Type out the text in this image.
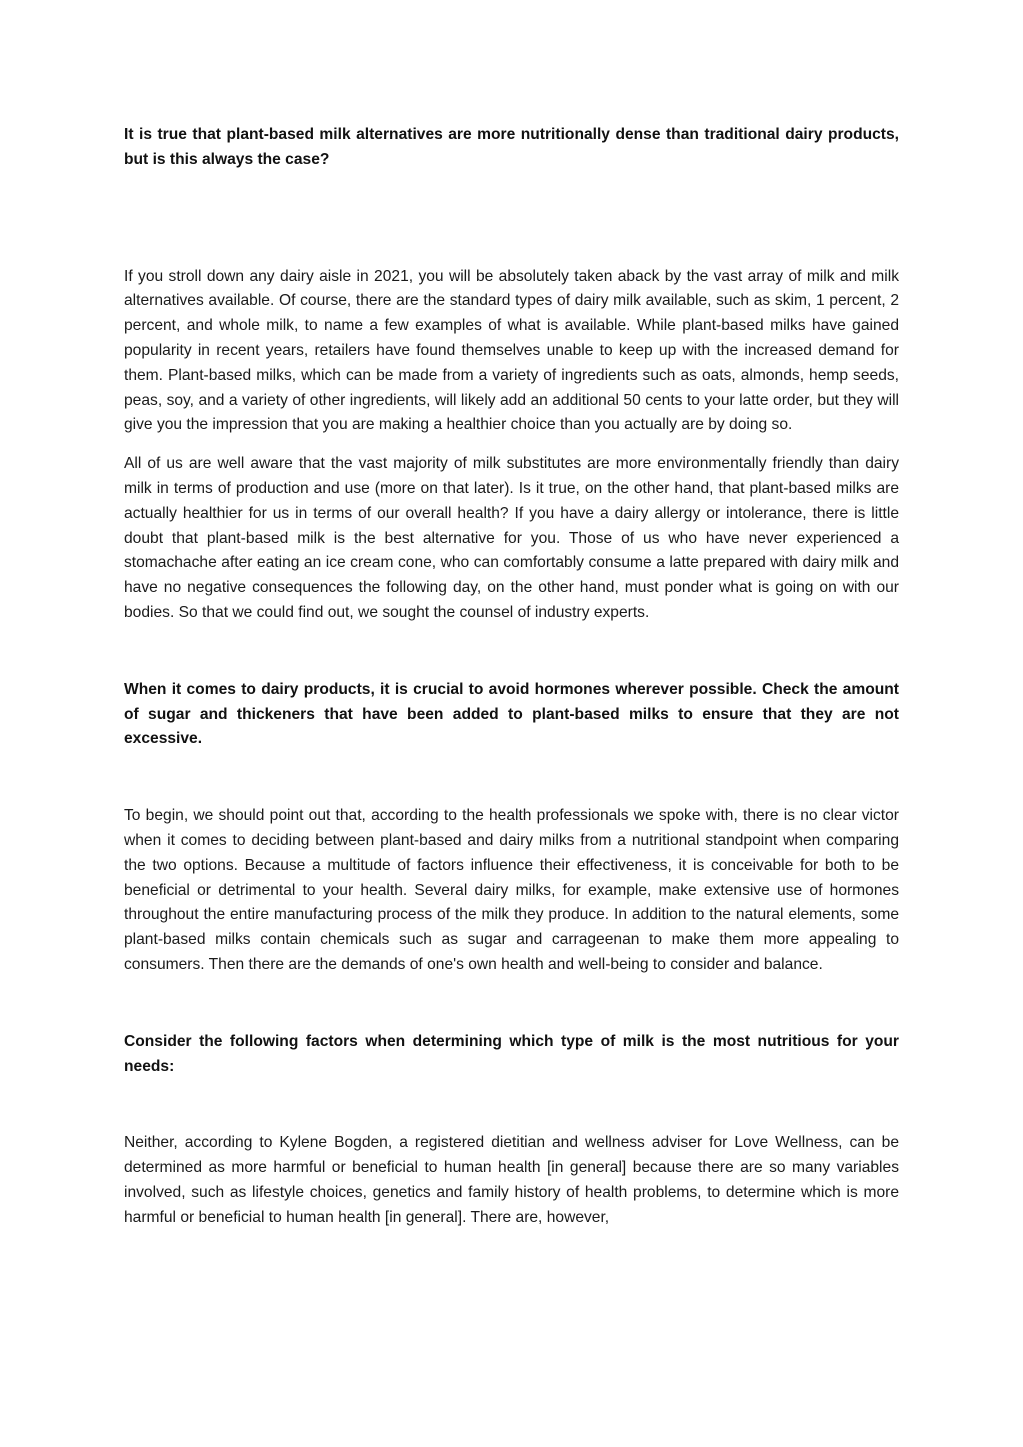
It is true that plant-based milk alternatives are more nutritionally dense than traditional dairy products, but is this always the case?

If you stroll down any dairy aisle in 2021, you will be absolutely taken aback by the vast array of milk and milk alternatives available. Of course, there are the standard types of dairy milk available, such as skim, 1 percent, 2 percent, and whole milk, to name a few examples of what is available. While plant-based milks have gained popularity in recent years, retailers have found themselves unable to keep up with the increased demand for them. Plant-based milks, which can be made from a variety of ingredients such as oats, almonds, hemp seeds, peas, soy, and a variety of other ingredients, will likely add an additional 50 cents to your latte order, but they will give you the impression that you are making a healthier choice than you actually are by doing so.

All of us are well aware that the vast majority of milk substitutes are more environmentally friendly than dairy milk in terms of production and use (more on that later). Is it true, on the other hand, that plant-based milks are actually healthier for us in terms of our overall health? If you have a dairy allergy or intolerance, there is little doubt that plant-based milk is the best alternative for you. Those of us who have never experienced a stomachache after eating an ice cream cone, who can comfortably consume a latte prepared with dairy milk and have no negative consequences the following day, on the other hand, must ponder what is going on with our bodies. So that we could find out, we sought the counsel of industry experts.

When it comes to dairy products, it is crucial to avoid hormones wherever possible. Check the amount of sugar and thickeners that have been added to plant-based milks to ensure that they are not excessive.

To begin, we should point out that, according to the health professionals we spoke with, there is no clear victor when it comes to deciding between plant-based and dairy milks from a nutritional standpoint when comparing the two options. Because a multitude of factors influence their effectiveness, it is conceivable for both to be beneficial or detrimental to your health. Several dairy milks, for example, make extensive use of hormones throughout the entire manufacturing process of the milk they produce. In addition to the natural elements, some plant-based milks contain chemicals such as sugar and carrageenan to make them more appealing to consumers. Then there are the demands of one's own health and well-being to consider and balance.

Consider the following factors when determining which type of milk is the most nutritious for your needs:

Neither, according to Kylene Bogden, a registered dietitian and wellness adviser for Love Wellness, can be determined as more harmful or beneficial to human health [in general] because there are so many variables involved, such as lifestyle choices, genetics and family history of health problems, to determine which is more harmful or beneficial to human health [in general]. There are, however,
